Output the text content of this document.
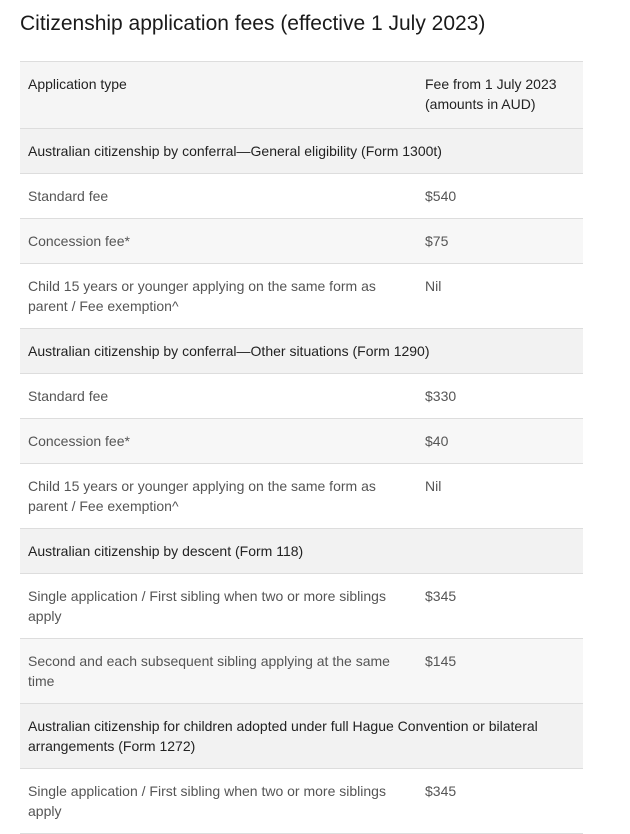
Citizenship application fees (effective 1 July 2023)
Application type	Fee from 1 July 2023 (amounts in AUD)
Australian citizenship by conferral—General eligibility (Form 1300t)	
Standard fee	$540
Concession fee*	$75
Child 15 years or younger applying on the same form as parent / Fee exemption^	Nil
Australian citizenship by conferral—Other situations (Form 1290)	
Standard fee	$330
Concession fee*	$40
Child 15 years or younger applying on the same form as parent / Fee exemption^	Nil
Australian citizenship by descent (Form 118)	
Single application / First sibling when two or more siblings apply	$345
Second and each subsequent sibling applying at the same time	$145
Australian citizenship for children adopted under full Hague Convention or bilateral arrangements (Form 1272)	
Single application / First sibling when two or more siblings apply	$345
